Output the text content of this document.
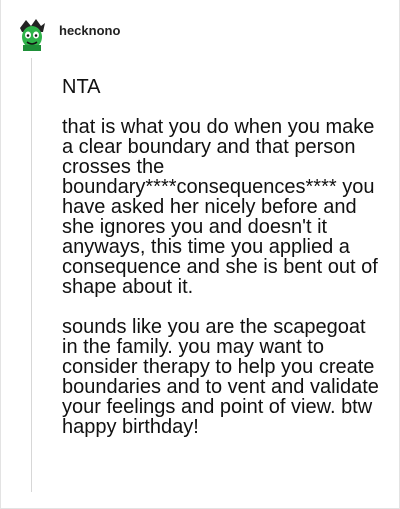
hecknono

NTA

that is what you do when you make a clear boundary and that person crosses the boundary****consequences**** you have asked her nicely before and she ignores you and doesn't it anyways, this time you applied a consequence and she is bent out of shape about it.

sounds like you are the scapegoat in the family. you may want to consider therapy to help you create boundaries and to vent and validate your feelings and point of view. btw happy birthday!
